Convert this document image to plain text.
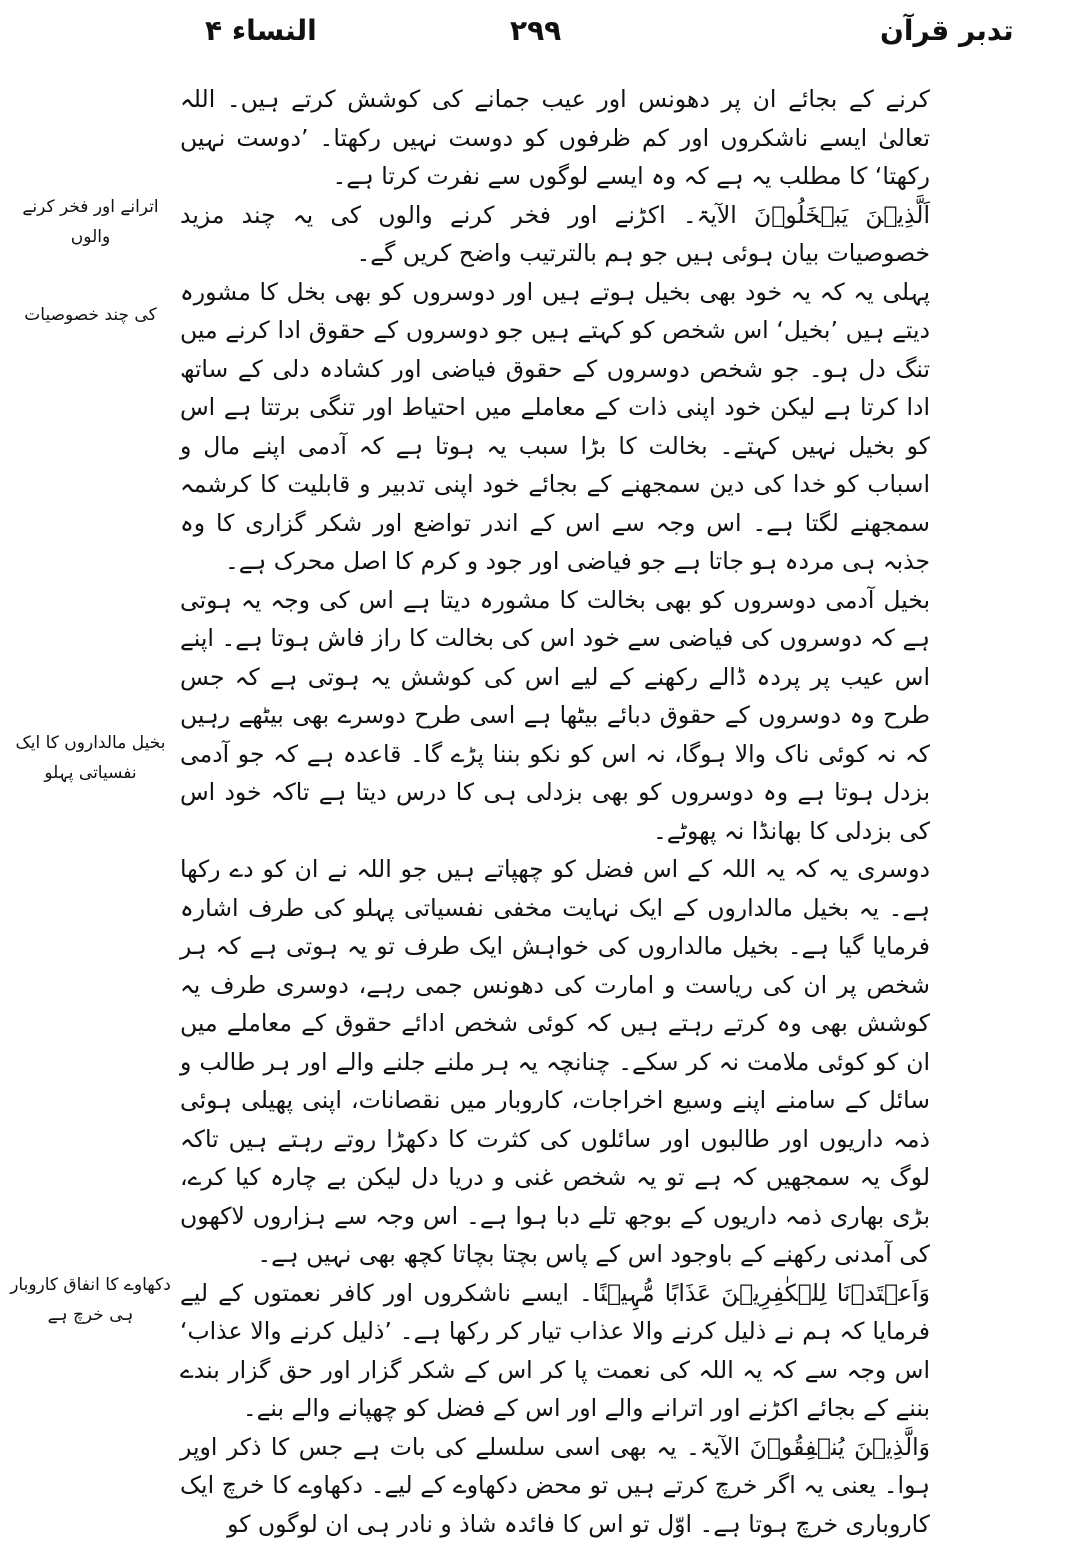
النساء ۴	۲۹۹	تدبر قرآن

کرنے کے بجائے ان پر دھونس اور عیب جمانے کی کوشش کرتے ہیں۔ اللہ تعالیٰ ایسے ناشکروں اور کم ظرفوں کو دوست نہیں رکھتا۔ ’دوست نہیں رکھتا‘ کا مطلب یہ ہے کہ وہ ایسے لوگوں سے نفرت کرتا ہے۔

اَلَّذِیۡنَ یَبۡخَلُوۡنَ الآیۃ۔ اکڑنے اور فخر کرنے والوں کی یہ چند مزید خصوصیات بیان ہوئی ہیں جو ہم بالترتیب واضح کریں گے۔

پہلی یہ کہ یہ خود بھی بخیل ہوتے ہیں اور دوسروں کو بھی بخل کا مشورہ دیتے ہیں ’بخیل‘ اس شخص کو کہتے ہیں جو دوسروں کے حقوق ادا کرنے میں تنگ دل ہو۔ جو شخص دوسروں کے حقوق فیاضی اور کشادہ دلی کے ساتھ ادا کرتا ہے لیکن خود اپنی ذات کے معاملے میں احتیاط اور تنگی برتتا ہے اس کو بخیل نہیں کہتے۔ بخالت کا بڑا سبب یہ ہوتا ہے کہ آدمی اپنے مال و اسباب کو خدا کی دین سمجھنے کے بجائے خود اپنی تدبیر و قابلیت کا کرشمہ سمجھنے لگتا ہے۔ اس وجہ سے اس کے اندر تواضع اور شکر گزاری کا وہ جذبہ ہی مردہ ہو جاتا ہے جو فیاضی اور جود و کرم کا اصل محرک ہے۔

بخیل آدمی دوسروں کو بھی بخالت کا مشورہ دیتا ہے اس کی وجہ یہ ہوتی ہے کہ دوسروں کی فیاضی سے خود اس کی بخالت کا راز فاش ہوتا ہے۔ اپنے اس عیب پر پردہ ڈالے رکھنے کے لیے اس کی کوشش یہ ہوتی ہے کہ جس طرح وہ دوسروں کے حقوق دبائے بیٹھا ہے اسی طرح دوسرے بھی بیٹھے رہیں کہ نہ کوئی ناک والا ہوگا، نہ اس کو نکو بننا پڑے گا۔ قاعدہ ہے کہ جو آدمی بزدل ہوتا ہے وہ دوسروں کو بھی بزدلی ہی کا درس دیتا ہے تاکہ خود اس کی بزدلی کا بھانڈا نہ پھوٹے۔

دوسری یہ کہ یہ اللہ کے اس فضل کو چھپاتے ہیں جو اللہ نے ان کو دے رکھا ہے۔ یہ بخیل مالداروں کے ایک نہایت مخفی نفسیاتی پہلو کی طرف اشارہ فرمایا گیا ہے۔ بخیل مالداروں کی خواہش ایک طرف تو یہ ہوتی ہے کہ ہر شخص پر ان کی ریاست و امارت کی دھونس جمی رہے، دوسری طرف یہ کوشش بھی وہ کرتے رہتے ہیں کہ کوئی شخص ادائے حقوق کے معاملے میں ان کو کوئی ملامت نہ کر سکے۔ چنانچہ یہ ہر ملنے جلنے والے اور ہر طالب و سائل کے سامنے اپنے وسیع اخراجات، کاروبار میں نقصانات، اپنی پھیلی ہوئی ذمہ داریوں اور طالبوں اور سائلوں کی کثرت کا دکھڑا روتے رہتے ہیں تاکہ لوگ یہ سمجھیں کہ ہے تو یہ شخص غنی و دریا دل لیکن بے چارہ کیا کرے، بڑی بھاری ذمہ داریوں کے بوجھ تلے دبا ہوا ہے۔ اس وجہ سے ہزاروں لاکھوں کی آمدنی رکھنے کے باوجود اس کے پاس بچتا بچاتا کچھ بھی نہیں ہے۔

وَاَعۡتَدۡنَا لِلۡکٰفِرِیۡنَ عَذَابًا مُّہِیۡنًا۔ ایسے ناشکروں اور کافر نعمتوں کے لیے فرمایا کہ ہم نے ذلیل کرنے والا عذاب تیار کر رکھا ہے۔ ’ذلیل کرنے والا عذاب‘ اس وجہ سے کہ یہ اللہ کی نعمت پا کر اس کے شکر گزار اور حق گزار بندے بننے کے بجائے اکڑنے اور اترانے والے اور اس کے فضل کو چھپانے والے بنے۔

وَالَّذِیۡنَ یُنۡفِقُوۡنَ الآیۃ۔ یہ بھی اسی سلسلے کی بات ہے جس کا ذکر اوپر ہوا۔ یعنی یہ اگر خرچ کرتے ہیں تو محض دکھاوے کے لیے۔ دکھاوے کا خرچ ایک کاروباری خرچ ہوتا ہے۔ اوّل تو اس کا فائدہ شاذ و نادر ہی ان لوگوں کو

اترانے اور فخر کرنے والوں
کی چند خصوصیات
بخیل مالداروں کا ایک نفسیاتی پہلو
دکھاوے کا انفاق کاروبار ہی خرچ ہے
